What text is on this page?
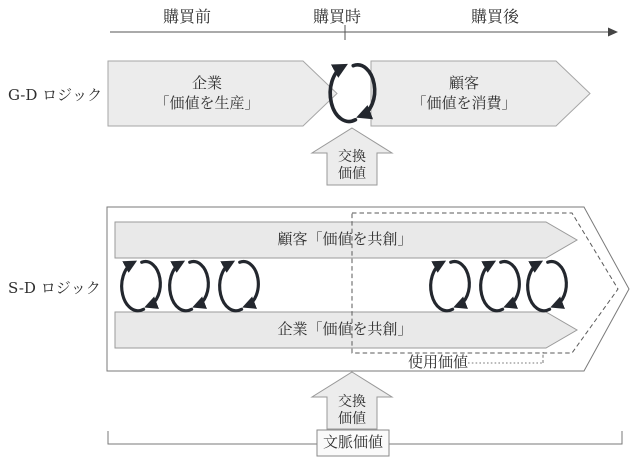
購買前	購買時	購買後
G-D ロジック
企業
「価値を生産」
顧客
「価値を消費」
交換
価値
S-D ロジック
顧客「価値を共創」
企業「価値を共創」
使用価値
交換
価値
文脈価値
